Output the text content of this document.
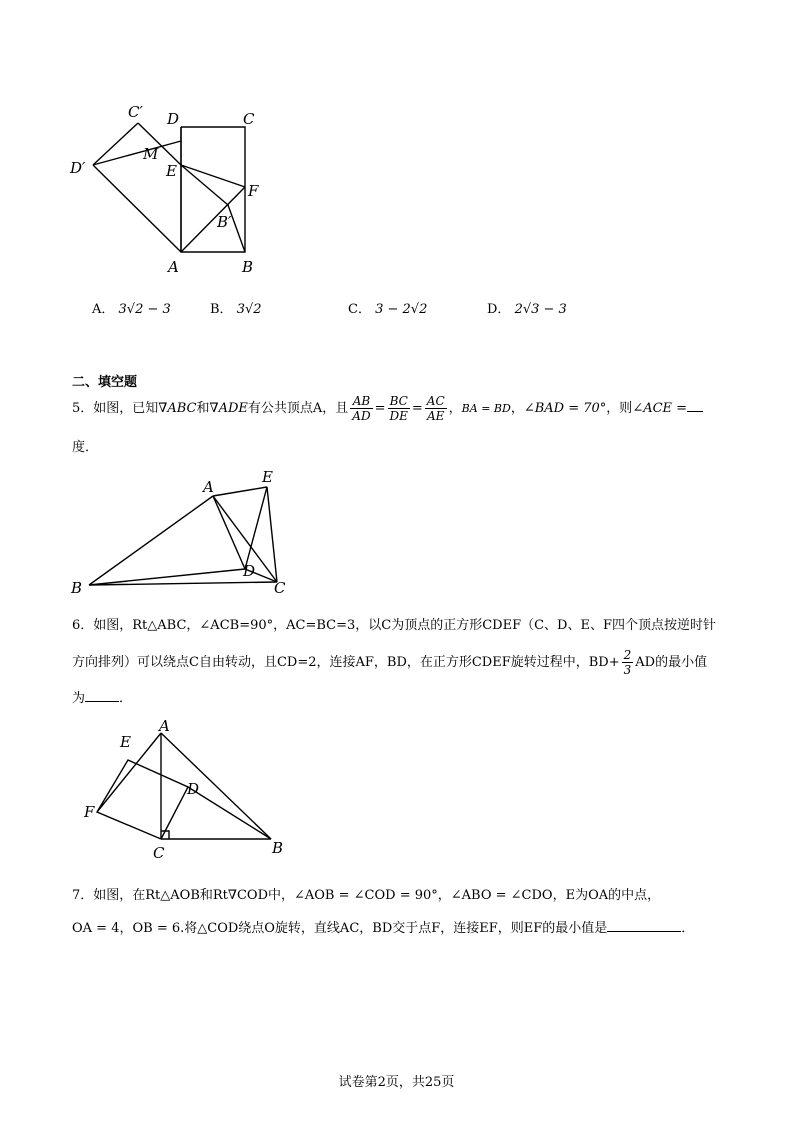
C′ D	C
D′
M
E
F
B′
A	B
A． 3√2 − 3	B． 3√2	C． 3 − 2√2	D． 2√3 − 3
二、填空题
5．如图，已知∇ABC和∇ADE有公共顶点A，且 $\frac{AB}{AD} = \frac{BC}{DE} = \frac{AC}{AE}$ ，BA = BD，∠BAD = 70°，则∠ACE =
度．
A
E
B
D
C
6．如图，Rt△ABC，∠ACB=90°，AC=BC=3，以C为顶点的正方形CDEF（C、D、E、F四个顶点按逆时针
方向排列）可以绕点C自由转动，且CD=2，连接AF，BD，在正方形CDEF旋转过程中，$BD+ \frac{2}{3}$ AD的最小值
为	．
A
E
D
F
C	B
7．如图，在Rt△AOB和Rt∇COD中，∠AOB = ∠COD = 90°，∠ABO = ∠CDO，E为OA的中点，
OA = 4，OB = 6.将△COD绕点O旋转，直线AC，BD交于点F，连接EF，则EF的最小值是	．
试卷第2页，共25页
